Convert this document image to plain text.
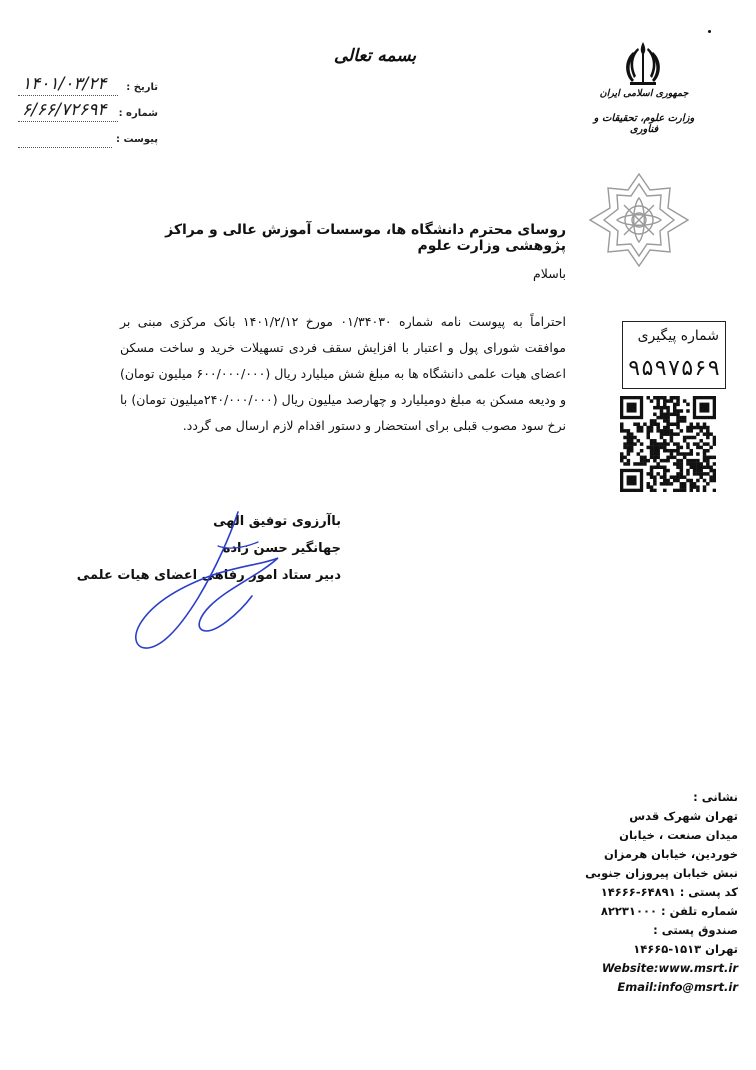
بسمه تعالی
جمهوری اسلامی ایران
وزارت علوم، تحقیقات و فناوری
تاریخ :
۱۴۰۱/۰۳/۲۴
شماره :
۶/۶۶/۷۲۶۹۴
پیوست :
روسای محترم دانشگاه ها، موسسات آموزش عالی و مراکز پژوهشی وزارت علوم
باسلام
احتراماً به پیوست نامه شماره ۰۱/۳۴۰۳۰ مورخ ۱۴۰۱/۲/۱۲ بانک مرکزی مبنی بر موافقت شورای پول و اعتبار با افزایش سقف فردی تسهیلات خرید و ساخت مسکن اعضای هیات علمی دانشگاه ها به مبلغ شش میلیارد ریال (۶۰۰/۰۰۰/۰۰۰ میلیون تومان) و ودیعه مسکن به مبلغ دومیلیارد و چهارصد میلیون ریال (۲۴۰/۰۰۰/۰۰۰میلیون تومان) با نرخ سود مصوب قبلی برای استحضار و دستور اقدام لازم ارسال می گردد.
باآرزوی توفیق الهی
جهانگیر حسن زاده
دبیر ستاد امور رفاهی اعضای هیات علمی
شماره پیگیری
۹۵۹۷۵۶۹
نشانی :
تهران شهرک قدس
میدان صنعت ، خیابان
خوردین، خیابان هرمزان
نبش خیابان پیروزان جنوبی
کد پستی : ۶۴۸۹۱-۱۴۶۶۶
شماره تلفن : ۸۲۲۳۱۰۰۰
صندوق پستی :
تهران ۱۵۱۳-۱۴۶۶۵
Website:www.msrt.ir
Email:info@msrt.ir
